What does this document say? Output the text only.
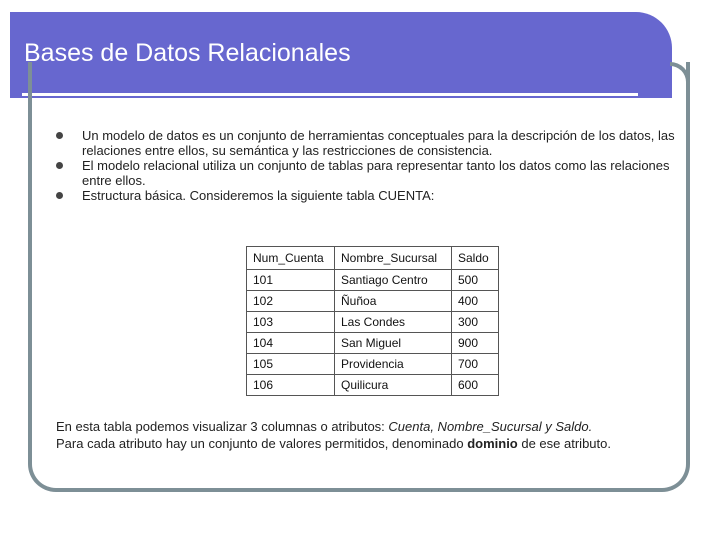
Bases de Datos Relacionales
Un modelo de datos es un conjunto de herramientas conceptuales para la descripción de los datos, las relaciones entre ellos, su semántica y las restricciones de consistencia.
El modelo relacional utiliza un conjunto de tablas para representar tanto los datos como las relaciones entre ellos.
Estructura básica. Consideremos la siguiente tabla CUENTA:
Num_Cuenta	Nombre_Sucursal	Saldo
101	Santiago Centro	500
102	Ñuñoa	400
103	Las Condes	300
104	San Miguel	900
105	Providencia	700
106	Quilicura	600
En esta tabla podemos visualizar 3 columnas o atributos: Cuenta, Nombre_Sucursal y Saldo.
Para cada atributo hay un conjunto de valores permitidos, denominado dominio de ese atributo.
